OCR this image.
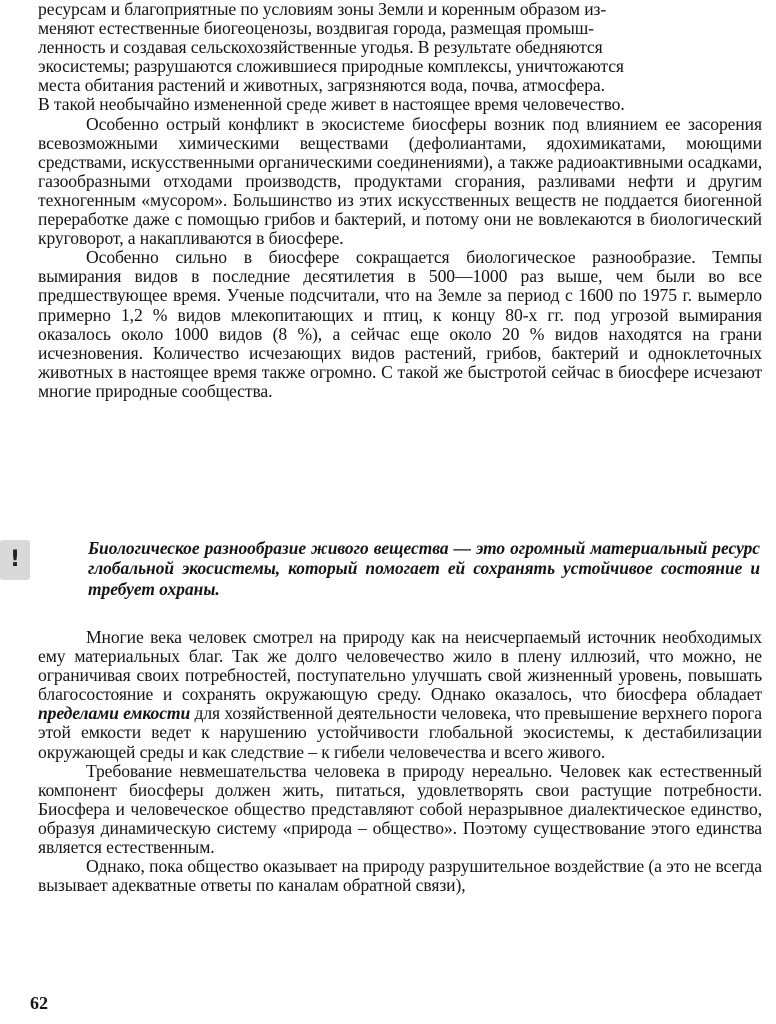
ресурсам и благоприятные по условиям зоны Земли и коренным образом из-

меняют естественные биогеоценозы, воздвигая города, размещая промыш-

ленность и создавая сельскохозяйственные угодья. В результате обедняются

экосистемы; разрушаются сложившиеся природные комплексы, уничтожаются

места обитания растений и животных, загрязняются вода, почва, атмосфера.

В такой необычайно измененной среде живет в настоящее время человечество.

Особенно острый конфликт в экосистеме биосферы возник под влиянием ее засорения всевозможными химическими веществами (дефолиантами, ядохимикатами, моющими средствами, искусственными органическими соединениями), а также радиоактивными осадками, газообразными отходами производств, продуктами сгорания, разливами нефти и другим техногенным «мусором». Большинство из этих искусственных веществ не поддается биогенной переработке даже с помощью грибов и бактерий, и потому они не вовлекаются в биологический круговорот, а накапливаются в биосфере.

Особенно сильно в биосфере сокращается биологическое разнообразие. Темпы вымирания видов в последние десятилетия в 500—1000 раз выше, чем были во все предшествующее время. Ученые подсчитали, что на Земле за период с 1600 по 1975 г. вымерло примерно 1,2 % видов млекопитающих и птиц, к концу 80-х гг. под угрозой вымирания оказалось около 1000 видов (8 %), а сейчас еще около 20 % видов находятся на грани исчезновения. Количество исчезающих видов растений, грибов, бактерий и одноклеточных животных в настоящее время также огромно. С такой же быстротой сейчас в биосфере исчезают многие природные сообщества.

!	Биологическое разнообразие живого вещества — это огромный материальный ресурс глобальной экосистемы, который помогает ей сохранять устойчивое состояние и требует охраны.

Многие века человек смотрел на природу как на неисчерпаемый источник необходимых ему материальных благ. Так же долго человечество жило в плену иллюзий, что можно, не ограничивая своих потребностей, поступательно улучшать свой жизненный уровень, повышать благосостояние и сохранять окружающую среду. Однако оказалось, что биосфера обладает пределами емкости для хозяйственной деятельности человека, что превышение верхнего порога этой емкости ведет к нарушению устойчивости глобальной экосистемы, к дестабилизации окружающей среды и как следствие – к гибели человечества и всего живого.

Требование невмешательства человека в природу нереально. Человек как естественный компонент биосферы должен жить, питаться, удовлетворять свои растущие потребности. Биосфера и человеческое общество представляют собой неразрывное диалектическое единство, образуя динамическую систему «природа – общество». Поэтому существование этого единства является естественным.

Однако, пока общество оказывает на природу разрушительное воздействие (а это не всегда вызывает адекватные ответы по каналам обратной связи),

62
